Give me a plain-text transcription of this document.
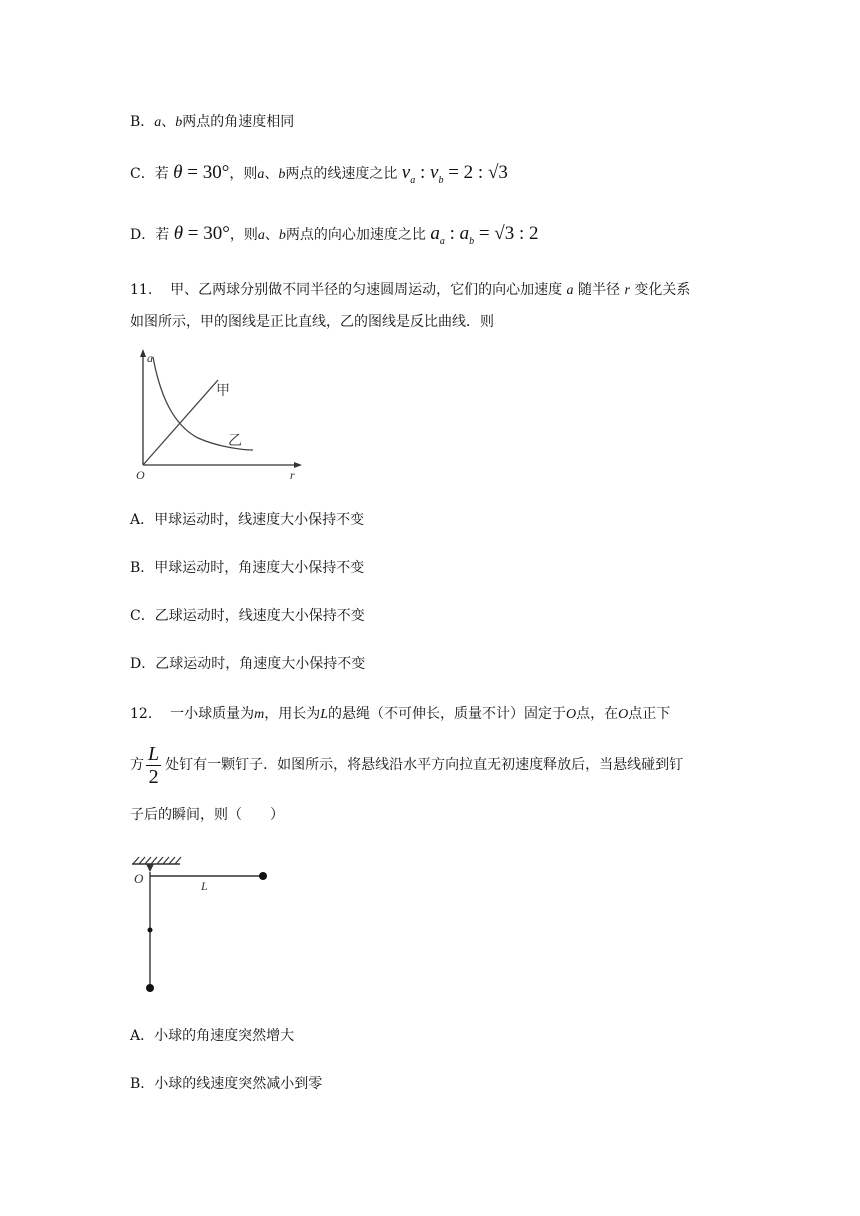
B．a、b两点的角速度相同
C．若 θ = 30°，则a、b两点的线速度之比 $v_a$ : $v_b = 2$ : √3
D．若 θ = 30°，则a、b两点的向心加速度之比 $a_a$ : $a_b = √3$ : 2
11. 甲、乙两球分别做不同半径的匀速圆周运动，它们的向心加速度 a 随半径 r 变化关系
如图所示，甲的图线是正比直线，乙的图线是反比曲线．则
a
r
O
甲
乙
A．甲球运动时，线速度大小保持不变
B．甲球运动时，角速度大小保持不变
C．乙球运动时，线速度大小保持不变
D．乙球运动时，角速度大小保持不变
12. 一小球质量为m，用长为L的悬绳（不可伸长，质量不计）固定于O点，在O点正下
方 $\frac{L}{2}$ 处钉有一颗钉子．如图所示，将悬线沿水平方向拉直无初速度释放后，当悬线碰到钉
子后的瞬间，则（　　）
O	L
A．小球的角速度突然增大
B．小球的线速度突然减小到零
